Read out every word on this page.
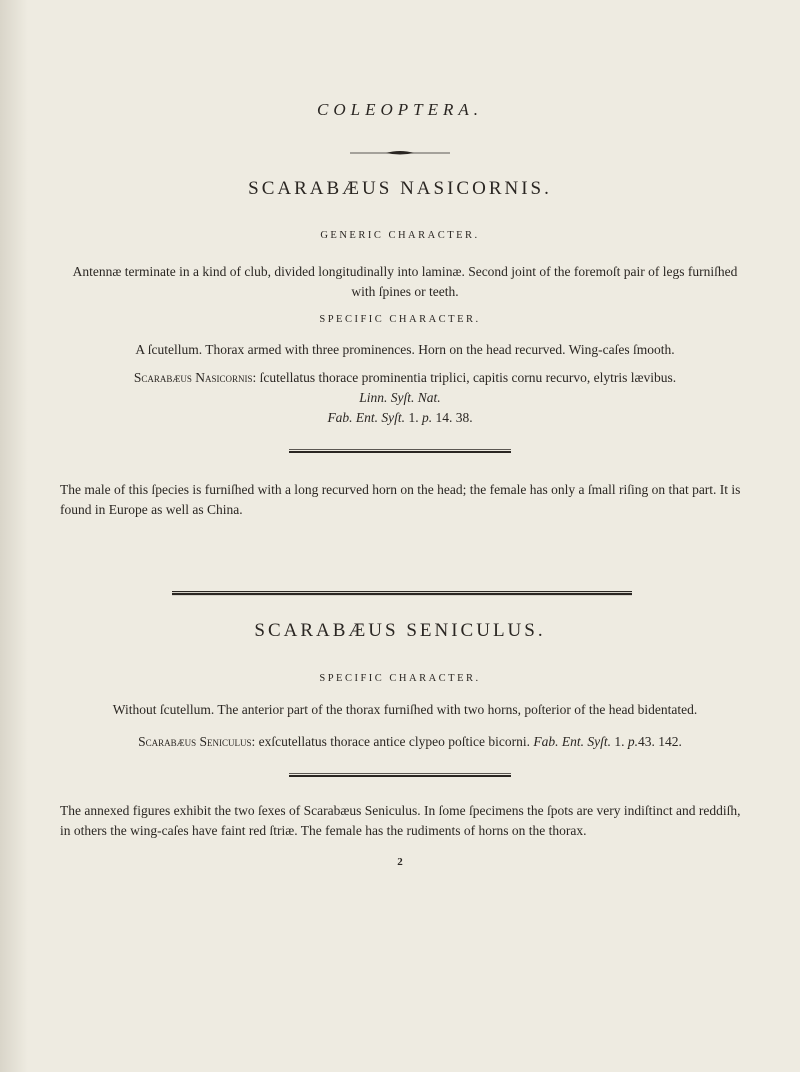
COLEOPTERA.
SCARABÆUS NASICORNIS.
GENERIC CHARACTER.
Antennæ terminate in a kind of club, divided longitudinally into laminæ. Second joint of the foremoſt pair of legs furniſhed with ſpines or teeth.
SPECIFIC CHARACTER.
A ſcutellum. Thorax armed with three prominences. Horn on the head recurved. Wing-caſes ſmooth.
Scarabæus Nasicornis: ſcutellatus thorace prominentia triplici, capitis cornu recurvo, elytris lævibus.
Linn. Syſt. Nat.
Fab. Ent. Syſt. 1. p. 14. 38.
The male of this ſpecies is furniſhed with a long recurved horn on the head; the female has only a ſmall riſing on that part. It is found in Europe as well as China.
SCARABÆUS SENICULUS.
SPECIFIC CHARACTER.
Without ſcutellum. The anterior part of the thorax furniſhed with two horns, poſterior of the head bidentated.
Scarabæus Seniculus: exſcutellatus thorace antice clypeo poſtice bicorni. Fab. Ent. Syſt. 1. p.43. 142.
The annexed figures exhibit the two ſexes of Scarabæus Seniculus. In ſome ſpecimens the ſpots are very indiſtinct and reddiſh, in others the wing-caſes have faint red ſtriæ. The female has the rudiments of horns on the thorax.
2
